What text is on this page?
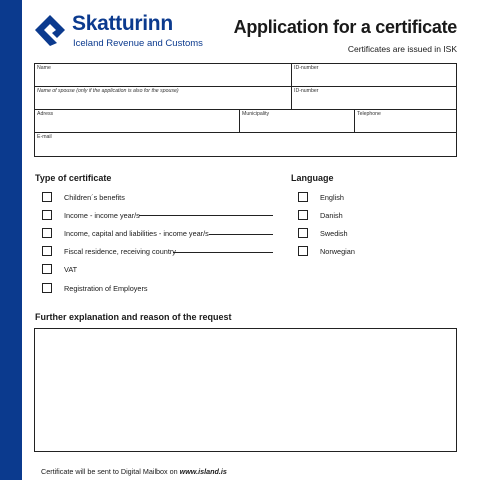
Skatturinn
Iceland Revenue and Customs
Application for a certificate
Certificates are issued in ISK
Name	ID-number
Name of spouse (only if the application is also for the spouse)	ID-number
Adress	Municipality	Telephone
E-mail
Type of certificate	Language
Children´s benefits
Income - income year/s
Income, capital and liabilities - income year/s
Fiscal residence, receiving country
VAT
Registration of Employers
English
Danish
Swedish
Norwegian
Further explanation and reason of the request
Certificate will be sent to Digital Mailbox on www.island.is
